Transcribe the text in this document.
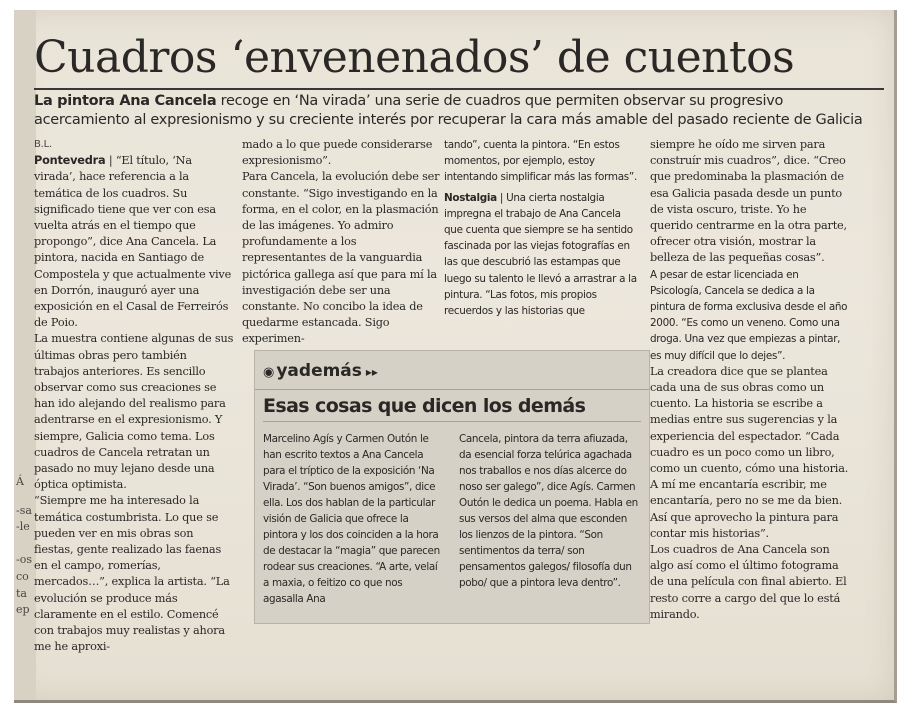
Á
-sa
-le
-os
co
ta
ep
Cuadros ‘envenenados’ de cuentos

La pintora Ana Cancela recoge en ‘Na virada’ una serie de cuadros que permiten observar su progresivo acercamiento al expresionismo y su creciente interés por recuperar la cara más amable del pasado reciente de Galicia

B.L.

Pontevedra | “El título, ‘Na virada’, hace referencia a la temática de los cuadros. Su significado tiene que ver con esa vuelta atrás en el tiempo que propongo”, dice Ana Cancela. La pintora, nacida en Santiago de Compostela y que actualmente vive en Dorrón, inauguró ayer una exposición en el Casal de Ferreirós de Poio.

La muestra contiene algunas de sus últimas obras pero también trabajos anteriores. Es sencillo observar como sus creaciones se han ido alejando del realismo para adentrarse en el expresionismo. Y siempre, Galicia como tema. Los cuadros de Cancela retratan un pasado no muy lejano desde una óptica optimista.

“Siempre me ha interesado la temática costumbrista. Lo que se pueden ver en mis obras son fiestas, gente realizado las faenas en el campo, romerías, mercados…”, explica la artista. “La evolución se produce más claramente en el estilo. Comencé con trabajos muy realistas y ahora me he aproxi-

mado a lo que puede considerarse expresionismo”.

Para Cancela, la evolución debe ser constante. “Sigo investigando en la forma, en el color, en la plasmación de las imágenes. Yo admiro profundamente a los representantes de la vanguardia pictórica gallega así que para mí la investigación debe ser una constante. No concibo la idea de quedarme estancada. Sigo experimen-

tando”, cuenta la pintora. “En estos momentos, por ejemplo, estoy intentando simplificar más las formas”.

Nostalgia | Una cierta nostalgia impregna el trabajo de Ana Cancela que cuenta que siempre se ha sentido fascinada por las viejas fotografías en las que descubrió las estampas que luego su talento le llevó a arrastrar a la pintura. “Las fotos, mis propios recuerdos y las historias que

siempre he oído me sirven para construír mis cuadros”, dice. “Creo que predominaba la plasmación de esa Galicia pasada desde un punto de vista oscuro, triste. Yo he querido centrarme en la otra parte, ofrecer otra visión, mostrar la belleza de las pequeñas cosas”.

A pesar de estar licenciada en Psicología, Cancela se dedica a la pintura de forma exclusiva desde el año 2000. “Es como un veneno. Como una droga. Una vez que empiezas a pintar, es muy difícil que lo dejes”.

La creadora dice que se plantea cada una de sus obras como un cuento. La historia se escribe a medias entre sus sugerencias y la experiencia del espectador. “Cada cuadro es un poco como un libro, como un cuento, cómo una historia. A mí me encantaría escribir, me encantaría, pero no se me da bien. Así que aprovecho la pintura para contar mis historias”.

Los cuadros de Ana Cancela son algo así como el último fotograma de una película con final abierto. El resto corre a cargo del que lo está mirando.

◉ yademás ▸▸

Esas cosas que dicen los demás

Marcelino Agís y Carmen Outón le han escrito textos a Ana Cancela para el tríptico de la exposición ‘Na Virada’. “Son buenos amigos”, dice ella. Los dos hablan de la particular visión de Galicia que ofrece la pintora y los dos coinciden a la hora de destacar la “magia” que parecen rodear sus creaciones. “A arte, velaí a maxia, o feitizo co que nos agasalla Ana

Cancela, pintora da terra afiuzada, da esencial forza telúrica agachada nos traballos e nos días alcerce do noso ser galego”, dice Agís. Carmen Outón le dedica un poema. Habla en sus versos del alma que esconden los lienzos de la pintora. “Son sentimentos da terra/ son pensamentos galegos/ filosofía dun pobo/ que a pintora leva dentro”.
